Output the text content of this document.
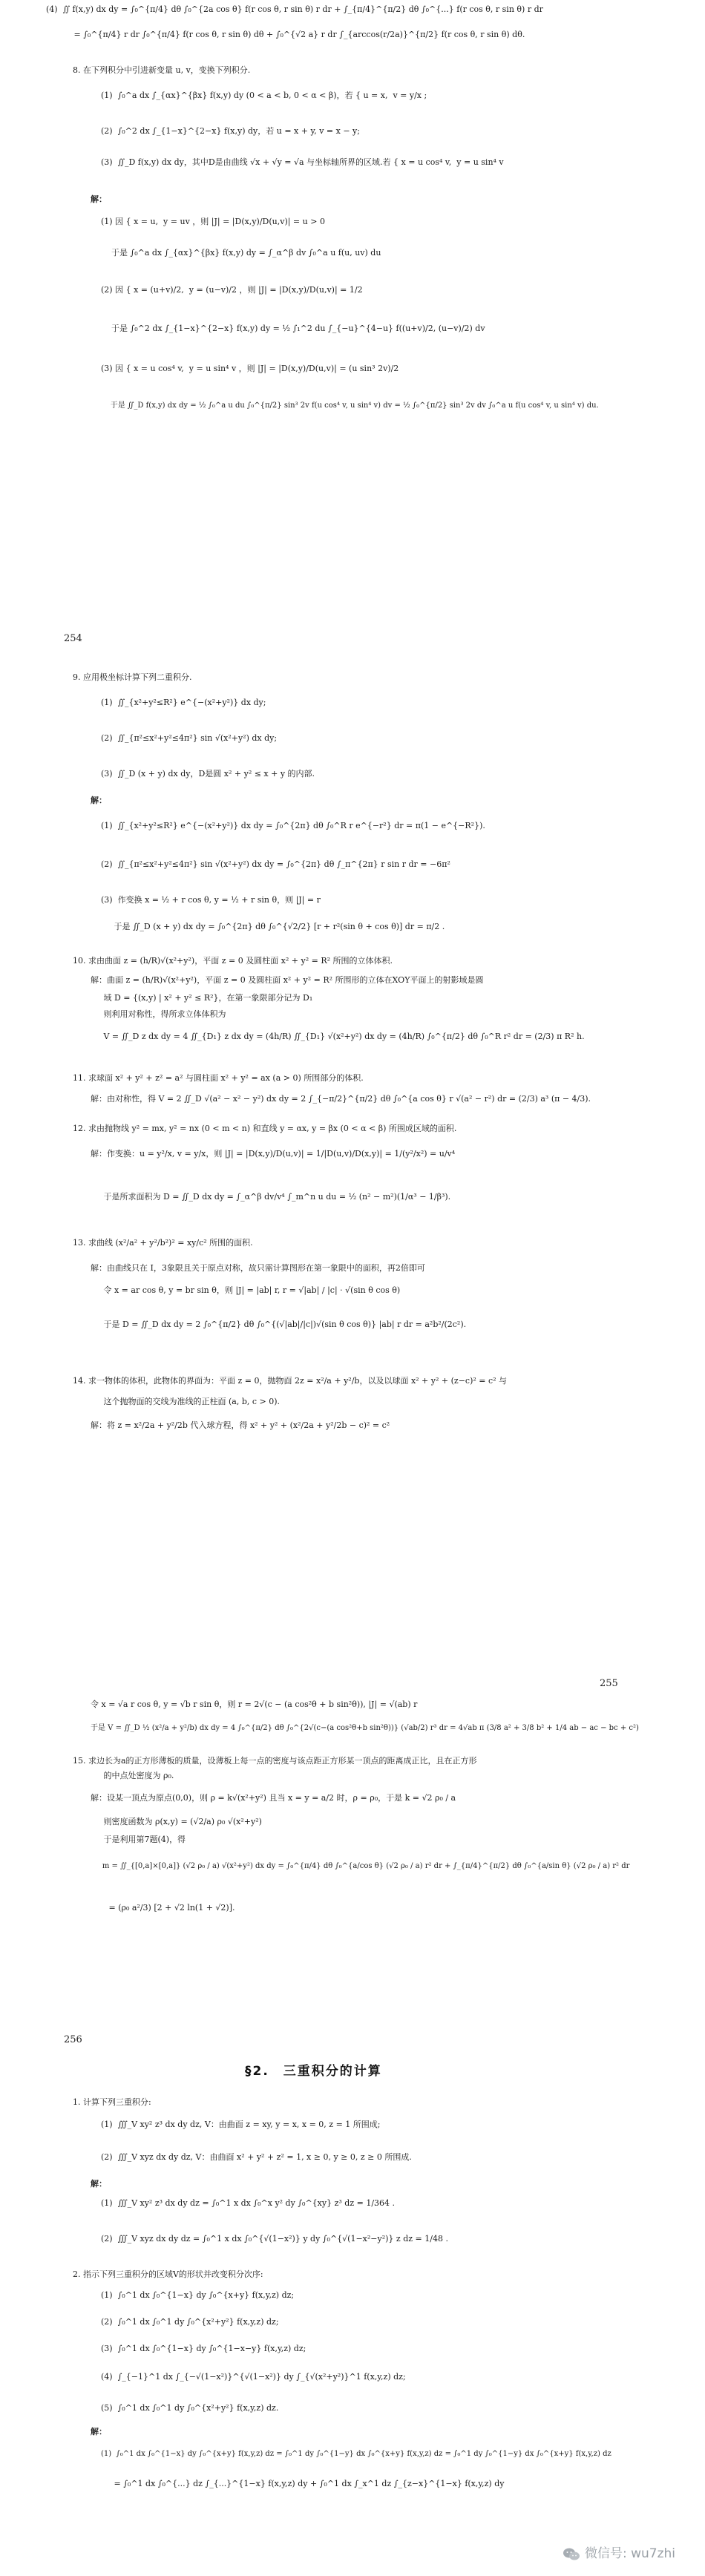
(4)  ∬ f(x,y) dx dy = ∫₀^{π/4} dθ ∫₀^{2a cos θ} f(r cos θ, r sin θ) r dr + ∫_{π/4}^{π/2} dθ ∫₀^{...} f(r cos θ, r sin θ) r dr
= ∫₀^{π/4} r dr ∫₀^{π/4} f(r cos θ, r sin θ) dθ + ∫₀^{√2 a} r dr ∫_{arccos(r/2a)}^{π/2} f(r cos θ, r sin θ) dθ.
8. 在下列积分中引进新变量 u, v，变换下列积分.
(1)  ∫₀^a dx ∫_{αx}^{βx} f(x,y) dy (0 < a < b, 0 < α < β)，若 { u = x,  v = y/x ;
(2)  ∫₀^2 dx ∫_{1−x}^{2−x} f(x,y) dy，若 u = x + y, v = x − y;
(3)  ∬_D f(x,y) dx dy，其中D是由曲线 √x + √y = √a 与坐标轴所界的区域.若 { x = u cos⁴ v,  y = u sin⁴ v
解：
(1) 因 { x = u,  y = uv ，则 |J| = |D(x,y)/D(u,v)| = u > 0
于是 ∫₀^a dx ∫_{αx}^{βx} f(x,y) dy = ∫_α^β dv ∫₀^a u f(u, uv) du
(2) 因 { x = (u+v)/2,  y = (u−v)/2 ，则 |J| = |D(x,y)/D(u,v)| = 1/2
于是 ∫₀^2 dx ∫_{1−x}^{2−x} f(x,y) dy = ½ ∫₁^2 du ∫_{−u}^{4−u} f((u+v)/2, (u−v)/2) dv
(3) 因 { x = u cos⁴ v,  y = u sin⁴ v ，则 |J| = |D(x,y)/D(u,v)| = (u sin³ 2v)/2
于是 ∬_D f(x,y) dx dy = ½ ∫₀^a u du ∫₀^{π/2} sin³ 2v f(u cos⁴ v, u sin⁴ v) dv = ½ ∫₀^{π/2} sin³ 2v dv ∫₀^a u f(u cos⁴ v, u sin⁴ v) du.
254
9. 应用极坐标计算下列二重积分.
(1)  ∬_{x²+y²≤R²} e^{−(x²+y²)} dx dy;
(2)  ∬_{π²≤x²+y²≤4π²} sin √(x²+y²) dx dy;
(3)  ∬_D (x + y) dx dy，D是圆 x² + y² ≤ x + y 的内部.
解：
(1)  ∬_{x²+y²≤R²} e^{−(x²+y²)} dx dy = ∫₀^{2π} dθ ∫₀^R r e^{−r²} dr = π(1 − e^{−R²}).
(2)  ∬_{π²≤x²+y²≤4π²} sin √(x²+y²) dx dy = ∫₀^{2π} dθ ∫_π^{2π} r sin r dr = −6π²
(3)  作变换 x = ½ + r cos θ, y = ½ + r sin θ，则 |J| = r
于是 ∬_D (x + y) dx dy = ∫₀^{2π} dθ ∫₀^{√2/2} [r + r²(sin θ + cos θ)] dr = π/2 .
10. 求由曲面 z = (h/R)√(x²+y²)，平面 z = 0 及圆柱面 x² + y² = R² 所围的立体体积.
解：曲面 z = (h/R)√(x²+y²)，平面 z = 0 及圆柱面 x² + y² = R² 所围形的立体在XOY平面上的射影域是圆
域 D = {(x,y) | x² + y² ≤ R²}，在第一象限部分记为 D₁
则利用对称性，得所求立体体积为
V = ∬_D z dx dy = 4 ∬_{D₁} z dx dy = (4h/R) ∬_{D₁} √(x²+y²) dx dy = (4h/R) ∫₀^{π/2} dθ ∫₀^R r² dr = (2/3) π R² h.
11. 求球面 x² + y² + z² = a² 与圆柱面 x² + y² = ax (a > 0) 所围部分的体积.
解：由对称性，得 V = 2 ∬_D √(a² − x² − y²) dx dy = 2 ∫_{−π/2}^{π/2} dθ ∫₀^{a cos θ} r √(a² − r²) dr = (2/3) a³ (π − 4/3).
12. 求由抛物线 y² = mx, y² = nx (0 < m < n) 和直线 y = αx, y = βx (0 < α < β) 所围成区域的面积.
解：作变换：u = y²/x, v = y/x，则 |J| = |D(x,y)/D(u,v)| = 1/|D(u,v)/D(x,y)| = 1/(y²/x²) = u/v⁴
于是所求面积为 D = ∬_D dx dy = ∫_α^β dv/v⁴ ∫_m^n u du = ½ (n² − m²)(1/α³ − 1/β³).
13. 求曲线 (x²/a² + y²/b²)² = xy/c² 所围的面积.
解：由曲线只在 I，3象限且关于原点对称，故只需计算图形在第一象限中的面积，再2倍即可
令 x = ar cos θ, y = br sin θ，则 |J| = |ab| r, r = √|ab| / |c| · √(sin θ cos θ)
于是 D = ∬_D dx dy = 2 ∫₀^{π/2} dθ ∫₀^{(√|ab|/|c|)√(sin θ cos θ)} |ab| r dr = a²b²/(2c²).
14. 求一物体的体积，此物体的界面为：平面 z = 0，抛物面 2z = x²/a + y²/b，以及以球面 x² + y² + (z−c)² = c² 与
这个抛物面的交线为准线的正柱面 (a, b, c > 0).
解：将 z = x²/2a + y²/2b 代入球方程，得 x² + y² + (x²/2a + y²/2b − c)² = c²
255
令 x = √a r cos θ, y = √b r sin θ，则 r = 2√(c − (a cos²θ + b sin²θ)), |J| = √(ab) r
于是 V = ∬_D ½ (x²/a + y²/b) dx dy = 4 ∫₀^{π/2} dθ ∫₀^{2√(c−(a cos²θ+b sin²θ))} (√ab/2) r³ dr = 4√ab π (3/8 a² + 3/8 b² + 1/4 ab − ac − bc + c²)
15. 求边长为a的正方形薄板的质量，设薄板上每一点的密度与该点距正方形某一顶点的距离成正比，且在正方形
的中点处密度为 ρ₀.
解：设某一顶点为原点(0,0)，则 ρ = k√(x²+y²) 且当 x = y = a/2 时，ρ = ρ₀，于是 k = √2 ρ₀ / a
则密度函数为 ρ(x,y) = (√2/a) ρ₀ √(x²+y²)
于是利用第7题(4)，得
m = ∬_{[0,a]×[0,a]} (√2 ρ₀ / a) √(x²+y²) dx dy = ∫₀^{π/4} dθ ∫₀^{a/cos θ} (√2 ρ₀ / a) r² dr + ∫_{π/4}^{π/2} dθ ∫₀^{a/sin θ} (√2 ρ₀ / a) r² dr
= (ρ₀ a²/3) [2 + √2 ln(1 + √2)].
256
§2.　三重积分的计算
1. 计算下列三重积分:
(1)  ∭_V xy² z³ dx dy dz, V：由曲面 z = xy, y = x, x = 0, z = 1 所围成;
(2)  ∭_V xyz dx dy dz, V：由曲面 x² + y² + z² = 1, x ≥ 0, y ≥ 0, z ≥ 0 所围成.
解：
(1)  ∭_V xy² z³ dx dy dz = ∫₀^1 x dx ∫₀^x y² dy ∫₀^{xy} z³ dz = 1/364 .
(2)  ∭_V xyz dx dy dz = ∫₀^1 x dx ∫₀^{√(1−x²)} y dy ∫₀^{√(1−x²−y²)} z dz = 1/48 .
2. 指示下列三重积分的区域V的形状并改变积分次序:
(1)  ∫₀^1 dx ∫₀^{1−x} dy ∫₀^{x+y} f(x,y,z) dz;
(2)  ∫₀^1 dx ∫₀^1 dy ∫₀^{x²+y²} f(x,y,z) dz;
(3)  ∫₀^1 dx ∫₀^{1−x} dy ∫₀^{1−x−y} f(x,y,z) dz;
(4)  ∫_{−1}^1 dx ∫_{−√(1−x²)}^{√(1−x²)} dy ∫_{√(x²+y²)}^1 f(x,y,z) dz;
(5)  ∫₀^1 dx ∫₀^1 dy ∫₀^{x²+y²} f(x,y,z) dz.
解：
(1)  ∫₀^1 dx ∫₀^{1−x} dy ∫₀^{x+y} f(x,y,z) dz = ∫₀^1 dy ∫₀^{1−y} dx ∫₀^{x+y} f(x,y,z) dz = ∫₀^1 dy ∫₀^{1−y} dx ∫₀^{x+y} f(x,y,z) dz
= ∫₀^1 dx ∫₀^{...} dz ∫_{...}^{1−x} f(x,y,z) dy + ∫₀^1 dx ∫_x^1 dz ∫_{z−x}^{1−x} f(x,y,z) dy
微信号: wu7zhi
